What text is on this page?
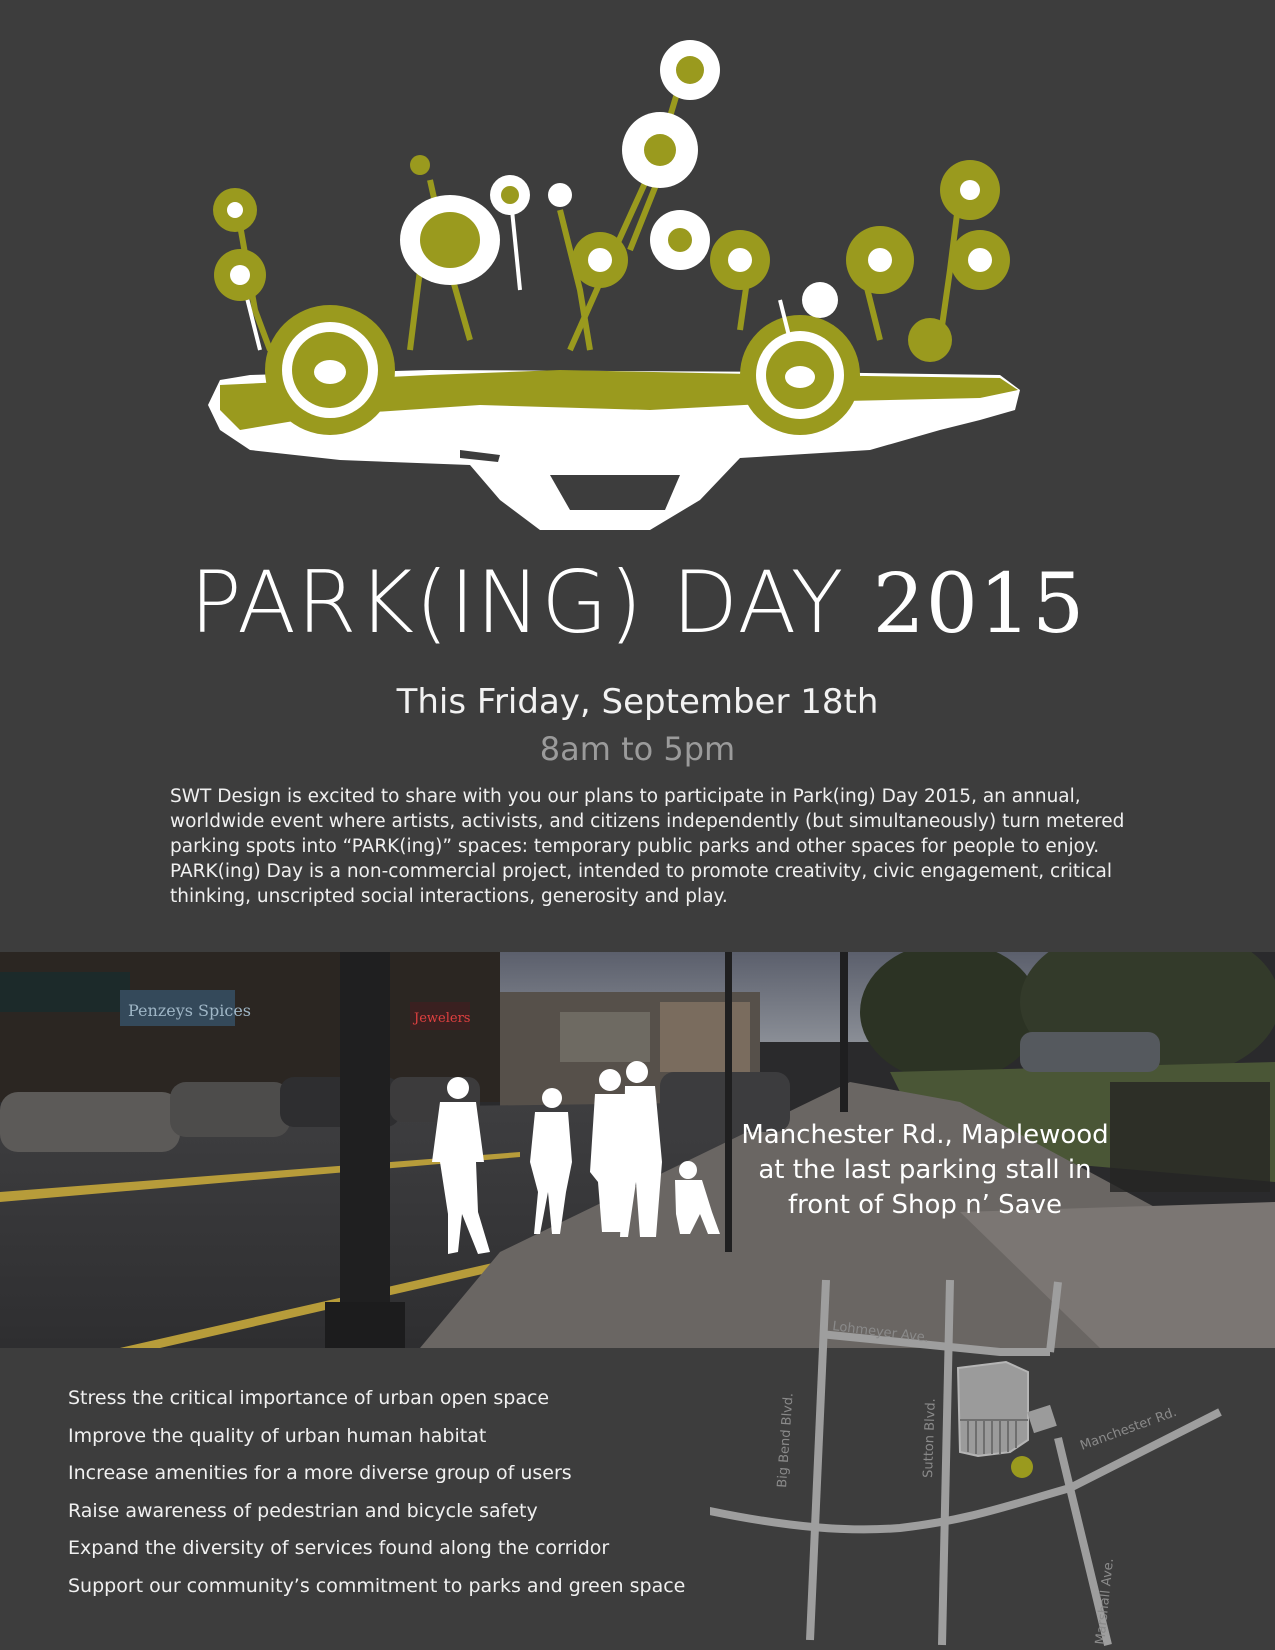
PARK(ING) DAY 2015
This Friday, September 18th
8am to 5pm
SWT Design is excited to share with you our plans to participate in Park(ing) Day 2015, an annual, worldwide event where artists, activists, and citizens independently (but simultaneously) turn metered parking spots into “PARK(ing)” spaces: temporary public parks and other spaces for people to enjoy. PARK(ing) Day is a non-commercial project, intended to promote creativity, civic engagement, critical thinking, unscripted social interactions, generosity and play.
Penzeys Spices	Jewelers
Manchester Rd., Maplewood
at the last parking stall in
front of Shop n’ Save
Stress the critical importance of urban open space
Improve the quality of urban human habitat
Increase amenities for a more diverse group of users
Raise awareness of pedestrian and bicycle safety
Expand the diversity of services found along the corridor
Support our community’s commitment to parks and green space
Lohmeyer Ave.
Big Bend Blvd.	Sutton Blvd.	Manchester Rd.
Marshall Ave.
